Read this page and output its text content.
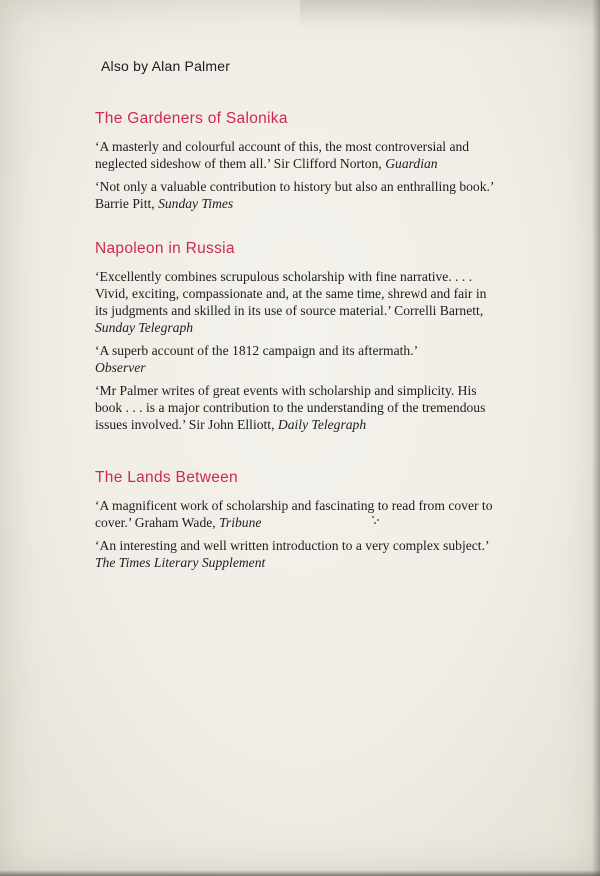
Also by Alan Palmer
The Gardeners of Salonika

‘A masterly and colourful account of this, the most controversial and neglected sideshow of them all.’ Sir Clifford Norton, Guardian

‘Not only a valuable contribution to history but also an enthralling book.’ Barrie Pitt, Sunday Times

Napoleon in Russia

‘Excellently combines scrupulous scholarship with fine narrative. . . . Vivid, exciting, compassionate and, at the same time, shrewd and fair in its judgments and skilled in its use of source material.’ Correlli Barnett, Sunday Telegraph

‘A superb account of the 1812 campaign and its aftermath.’
Observer

‘Mr Palmer writes of great events with scholarship and simplicity. His book . . . is a major contribution to the understanding of the tremendous issues involved.’ Sir John Elliott, Daily Telegraph

The Lands Between

‘A magnificent work of scholarship and fascinating to read from cover to cover.’ Graham Wade, Tribune

‘An interesting and well written introduction to a very complex subject.’ The Times Literary Supplement
